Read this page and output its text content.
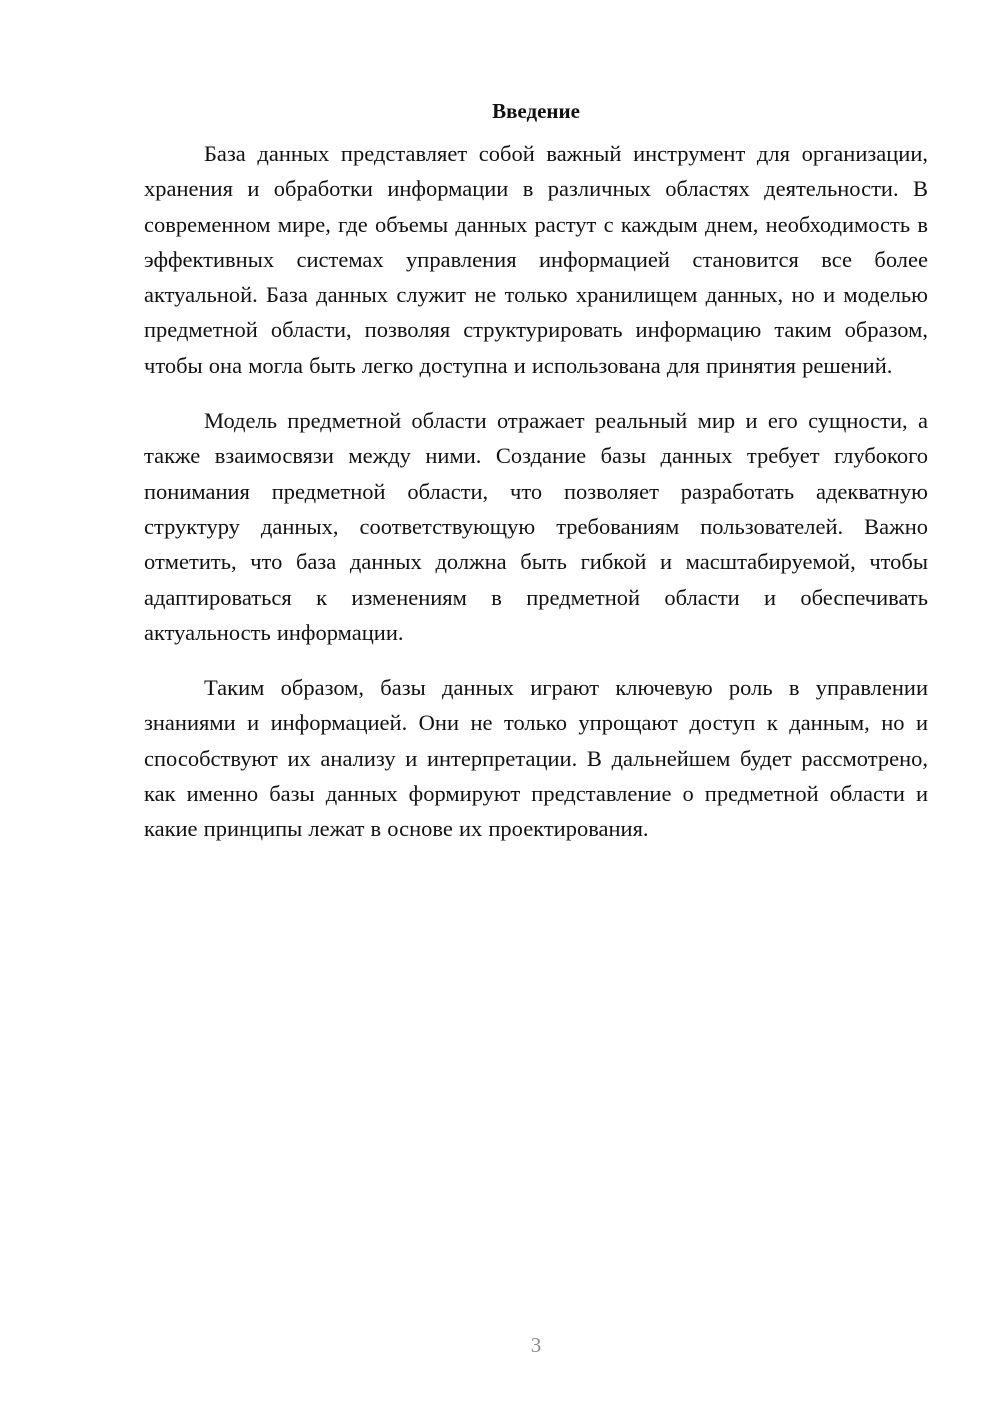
Введение

База данных представляет собой важный инструмент для организации, хранения и обработки информации в различных областях деятельности. В современном мире, где объемы данных растут с каждым днем, необходимость в эффективных системах управления информацией становится все более актуальной. База данных служит не только хранилищем данных, но и моделью предметной области, позволяя структурировать информацию таким образом, чтобы она могла быть легко доступна и использована для принятия решений.

Модель предметной области отражает реальный мир и его сущности, а также взаимосвязи между ними. Создание базы данных требует глубокого понимания предметной области, что позволяет разработать адекватную структуру данных, соответствующую требованиям пользователей. Важно отметить, что база данных должна быть гибкой и масштабируемой, чтобы адаптироваться к изменениям в предметной области и обеспечивать актуальность информации.

Таким образом, базы данных играют ключевую роль в управлении знаниями и информацией. Они не только упрощают доступ к данным, но и способствуют их анализу и интерпретации. В дальнейшем будет рассмотрено, как именно базы данных формируют представление о предметной области и какие принципы лежат в основе их проектирования.

3
